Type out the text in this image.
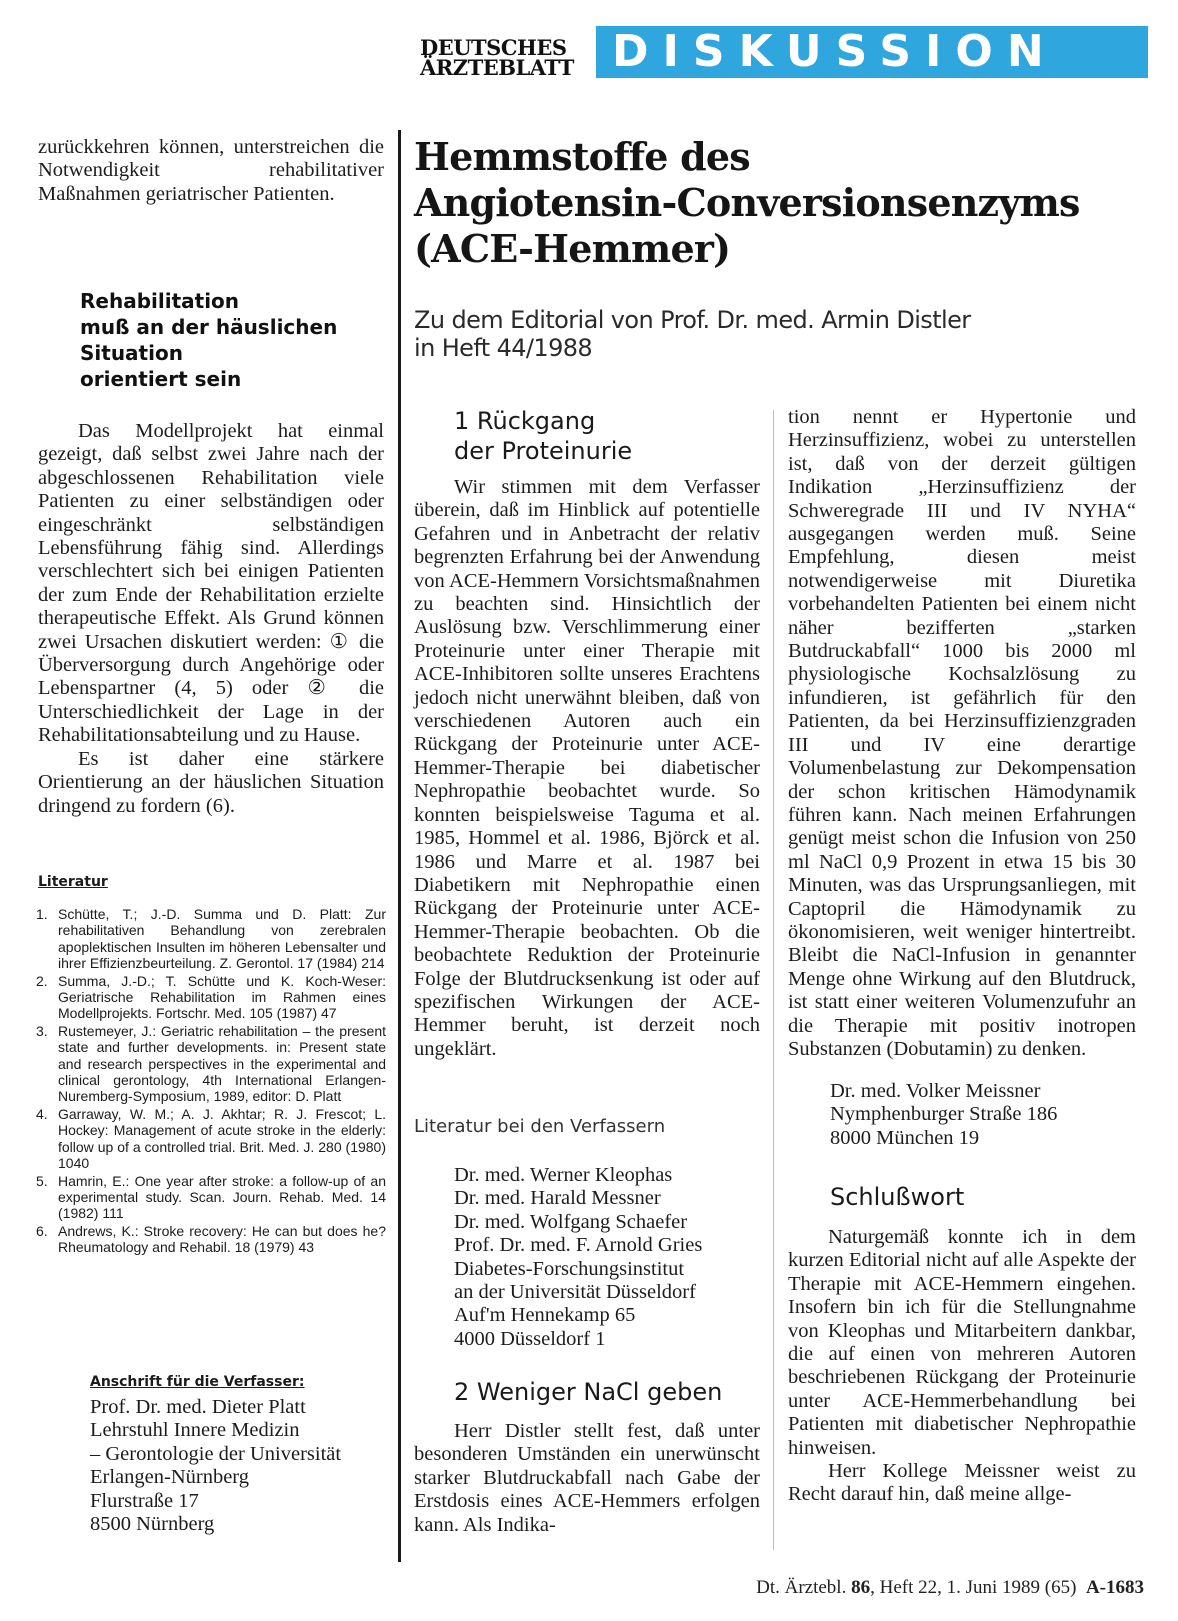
DEUTSCHES
ÄRZTEBLATT DISKUSSION

zurückkehren können, unterstreichen die Notwendigkeit rehabilitativer Maßnahmen geriatrischer Patienten.

Rehabilitation
muß an der häuslichen
Situation
orientiert sein

Das Modellprojekt hat einmal gezeigt, daß selbst zwei Jahre nach der abgeschlossenen Rehabilitation viele Patienten zu einer selbständigen oder eingeschränkt selbständigen Lebensführung fähig sind. Allerdings verschlechtert sich bei einigen Patienten der zum Ende der Rehabilitation erzielte therapeutische Effekt. Als Grund können zwei Ursachen diskutiert werden: ① die Überversorgung durch Angehörige oder Lebenspartner (4, 5) oder ② die Unterschiedlichkeit der Lage in der Rehabilitationsabteilung und zu Hause.

Es ist daher eine stärkere Orientierung an der häuslichen Situation dringend zu fordern (6).

Literatur
1. Schütte, T.; J.-D. Summa und D. Platt: Zur rehabilitativen Behandlung von zerebralen apoplektischen Insulten im höheren Lebensalter und ihrer Effizienzbeurteilung. Z. Gerontol. 17 (1984) 214
2. Summa, J.-D.; T. Schütte und K. Koch-Weser: Geriatrische Rehabilitation im Rahmen eines Modellprojekts. Fortschr. Med. 105 (1987) 47
3. Rustemeyer, J.: Geriatric rehabilitation – the present state and further developments. in: Present state and research perspectives in the experimental and clinical gerontology, 4th International Erlangen-Nuremberg-Symposium, 1989, editor: D. Platt
4. Garraway, W. M.; A. J. Akhtar; R. J. Frescot; L. Hockey: Management of acute stroke in the elderly: follow up of a controlled trial. Brit. Med. J. 280 (1980) 1040
5. Hamrin, E.: One year after stroke: a follow-up of an experimental study. Scan. Journ. Rehab. Med. 14 (1982) 111
6. Andrews, K.: Stroke recovery: He can but does he? Rheumatology and Rehabil. 18 (1979) 43
Anschrift für die Verfasser:
Prof. Dr. med. Dieter Platt
Lehrstuhl Innere Medizin
– Gerontologie der Universität
Erlangen-Nürnberg
Flurstraße 17
8500 Nürnberg
Hemmstoffe des
Angiotensin-Conversionsenzyms
(ACE-Hemmer)
Zu dem Editorial von Prof. Dr. med. Armin Distler
in Heft 44/1988
1 Rückgang
der Proteinurie

Wir stimmen mit dem Verfasser überein, daß im Hinblick auf potentielle Gefahren und in Anbetracht der relativ begrenzten Erfahrung bei der Anwendung von ACE-Hemmern Vorsichtsmaßnahmen zu beachten sind. Hinsichtlich der Auslösung bzw. Verschlimmerung einer Proteinurie unter einer Therapie mit ACE-Inhibitoren sollte unseres Erachtens jedoch nicht unerwähnt bleiben, daß von verschiedenen Autoren auch ein Rückgang der Proteinurie unter ACE-Hemmer-Therapie bei diabetischer Nephropathie beobachtet wurde. So konnten beispielsweise Taguma et al. 1985, Hommel et al. 1986, Björck et al. 1986 und Marre et al. 1987 bei Diabetikern mit Nephropathie einen Rückgang der Proteinurie unter ACE-Hemmer-Therapie beobachten. Ob die beobachtete Reduktion der Proteinurie Folge der Blutdrucksenkung ist oder auf spezifischen Wirkungen der ACE-Hemmer beruht, ist derzeit noch ungeklärt.

Literatur bei den Verfassern
Dr. med. Werner Kleophas
Dr. med. Harald Messner
Dr. med. Wolfgang Schaefer
Prof. Dr. med. F. Arnold Gries
Diabetes-Forschungsinstitut
an der Universität Düsseldorf
Auf'm Hennekamp 65
4000 Düsseldorf 1
2 Weniger NaCl geben

Herr Distler stellt fest, daß unter besonderen Umständen ein unerwünscht starker Blutdruckabfall nach Gabe der Erstdosis eines ACE-Hemmers erfolgen kann. Als Indika-

tion nennt er Hypertonie und Herzinsuffizienz, wobei zu unterstellen ist, daß von der derzeit gültigen Indikation „Herzinsuffizienz der Schweregrade III und IV NYHA“ ausgegangen werden muß. Seine Empfehlung, diesen meist notwendigerweise mit Diuretika vorbehandelten Patienten bei einem nicht näher bezifferten „starken Butdruckabfall“ 1000 bis 2000 ml physiologische Kochsalzlösung zu infundieren, ist gefährlich für den Patienten, da bei Herzinsuffizienzgraden III und IV eine derartige Volumenbelastung zur Dekompensation der schon kritischen Hämodynamik führen kann. Nach meinen Erfahrungen genügt meist schon die Infusion von 250 ml NaCl 0,9 Prozent in etwa 15 bis 30 Minuten, was das Ursprungsanliegen, mit Captopril die Hämodynamik zu ökonomisieren, weit weniger hintertreibt. Bleibt die NaCl-Infusion in genannter Menge ohne Wirkung auf den Blutdruck, ist statt einer weiteren Volumenzufuhr an die Therapie mit positiv inotropen Substanzen (Dobutamin) zu denken.

Dr. med. Volker Meissner
Nymphenburger Straße 186
8000 München 19
Schlußwort

Naturgemäß konnte ich in dem kurzen Editorial nicht auf alle Aspekte der Therapie mit ACE-Hemmern eingehen. Insofern bin ich für die Stellungnahme von Kleophas und Mitarbeitern dankbar, die auf einen von mehreren Autoren beschriebenen Rückgang der Proteinurie unter ACE-Hemmerbehandlung bei Patienten mit diabetischer Nephropathie hinweisen.

Herr Kollege Meissner weist zu Recht darauf hin, daß meine allge-

Dt. Ärztebl. 86, Heft 22, 1. Juni 1989 (65) A-1683
